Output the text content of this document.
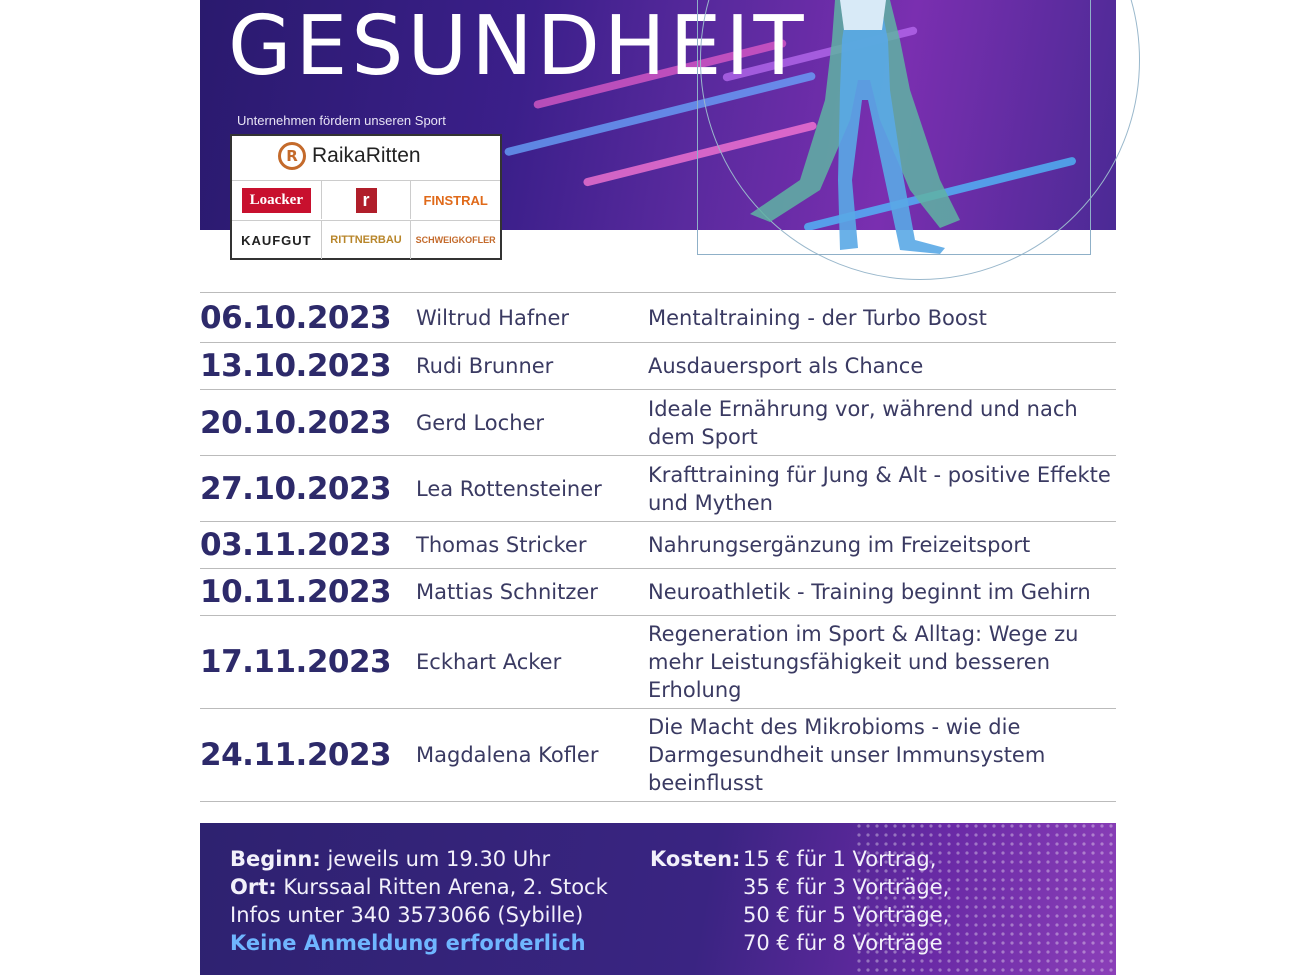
GESUNDHEIT
Unternehmen fördern unseren Sport
R RaikaRitten
Loacker	r	FINSTRAL
KAUFGUT RITTNERBAU SCHWEIGKOFLER
06.10.2023	Wiltrud Hafner	Mentaltraining - der Turbo Boost
13.10.2023	Rudi Brunner	Ausdauersport als Chance
20.10.2023	Gerd Locher
Ideale Ernährung vor, während und nach dem Sport
27.10.2023	Lea Rottensteiner
Krafttraining für Jung & Alt - positive Effekte und Mythen
03.11.2023	Thomas Stricker	Nahrungsergänzung im Freizeitsport
10.11.2023	Mattias Schnitzer	Neuroathletik - Training beginnt im Gehirn
17.11.2023	Eckhart Acker
Regeneration im Sport & Alltag: Wege zu mehr Leistungsfähigkeit und besseren Erholung
24.11.2023	Magdalena Kofler
Die Macht des Mikrobioms - wie die Darmgesundheit unser Immunsystem beeinflusst
Beginn: jeweils um 19.30 Uhr
Ort: Kurssaal Ritten Arena, 2. Stock
Infos unter 340 3573066 (Sybille)
Keine Anmeldung erforderlich
Kosten: 15 € für 1 Vortrag,
35 € für 3 Vorträge,
50 € für 5 Vorträge,
70 € für 8 Vorträge
